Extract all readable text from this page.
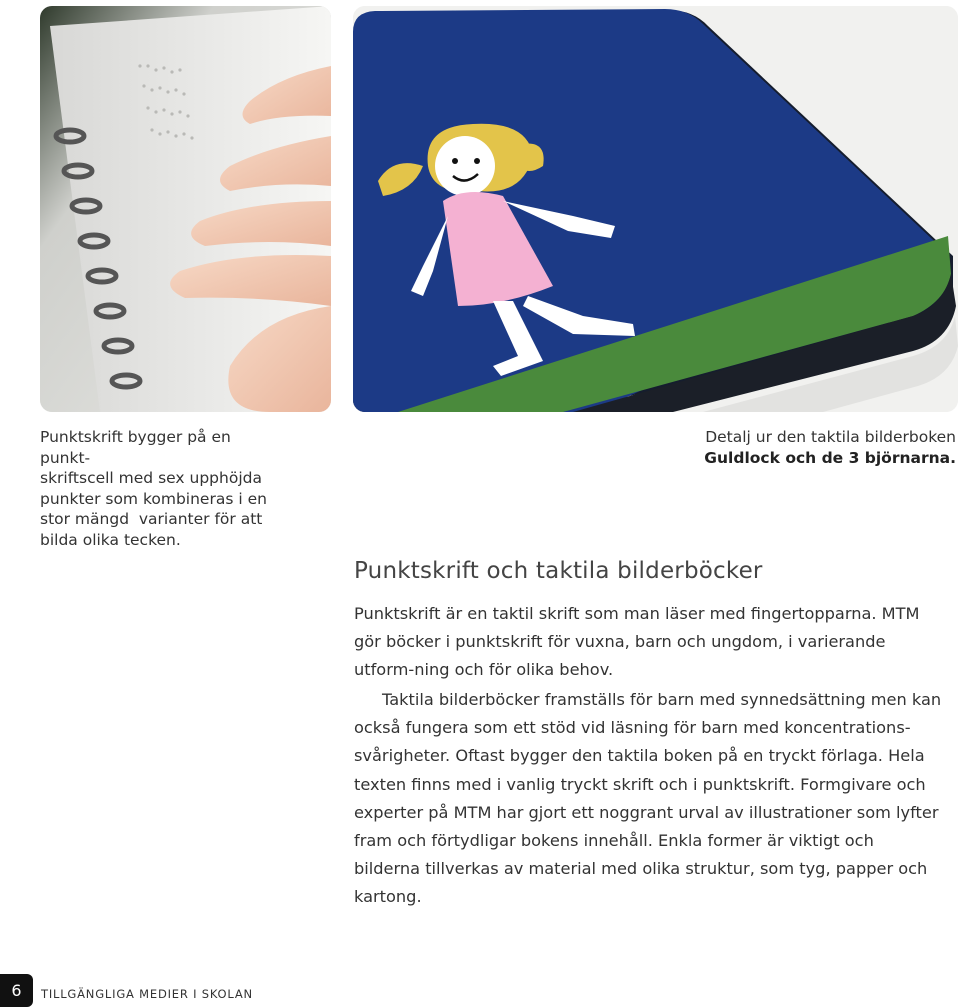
Punktskrift bygger på en punkt-
skriftscell med sex upphöjda
punkter som kombineras i en
stor mängd  varianter för att
bilda olika tecken.
Detalj ur den taktila bilderboken
Guldlock och de 3 björnarna.
Punktskrift och taktila bilderböcker

Punktskrift är en taktil skrift som man läser med fingertopparna. MTM gör böcker i punktskrift för vuxna, barn och ungdom, i varierande utform-ning och för olika behov.

Taktila bilderböcker framställs för barn med synnedsättning men kan också fungera som ett stöd vid läsning för barn med koncentrations-svårigheter. Oftast bygger den taktila boken på en tryckt förlaga. Hela texten finns med i vanlig tryckt skrift och i punktskrift. Formgivare och experter på MTM har gjort ett noggrant urval av illustrationer som lyfter fram och förtydligar bokens innehåll. Enkla former är viktigt och bilderna tillverkas av material med olika struktur, som tyg, papper och kartong.

6	TILLGÄNGLIGA MEDIER I SKOLAN
